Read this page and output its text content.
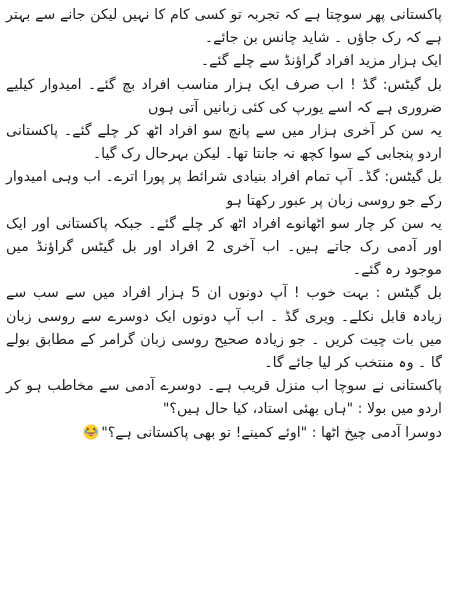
پاکستانی پھر سوچتا ہے کہ تجربہ تو کسی کام کا نہیں لیکن جانے سے بہتر ہے کہ رک جاؤں ۔ شاید چانس بن جائے۔

ایک ہزار مزید افراد گراؤنڈ سے چلے گئے۔

بل گیٹس: گڈ ! اب صرف ایک ہزار مناسب افراد بچ گئے۔ امیدوار کیلیے ضروری ہے کہ اسے یورپ کی کئی زبانیں آتی ہوں

یہ سن کر آخری ہزار میں سے پانچ سو افراد اٹھ کر چلے گئے۔ پاکستانی اردو پنجابی کے سوا کچھ نہ جانتا تھا۔ لیکن بہرحال رک گیا۔

بل گیٹس: گڈ۔ آپ تمام افراد بنیادی شرائط پر پورا اترے۔ اب وہی امیدوار رکے جو روسی زبان پر عبور رکھتا ہو

یہ سن کر چار سو اٹھانوے افراد اٹھ کر چلے گئے۔ جبکہ پاکستانی اور ایک اور آدمی رک جاتے ہیں۔ اب آخری 2 افراد اور بل گیٹس گراؤنڈ میں موجود رہ گئے۔

بل گیٹس : بہت خوب ! آپ دونوں ان 5 ہزار افراد میں سے سب سے زیادہ قابل نکلے۔ ویری گڈ ۔ اب آپ دونوں ایک دوسرے سے روسی زبان میں بات چیت کریں ۔ جو زیادہ صحیح روسی زبان گرامر کے مطابق بولے گا ۔ وہ منتخب کر لیا جائے گا۔

پاکستانی نے سوچا اب منزل قریب ہے۔ دوسرے آدمی سے مخاطب ہو کر اردو میں بولا : "ہاں بھئی استاد، کیا حال ہیں؟"

دوسرا آدمی چیخ اٹھا : "اوئے کمینے! تو بھی پاکستانی ہے؟"
